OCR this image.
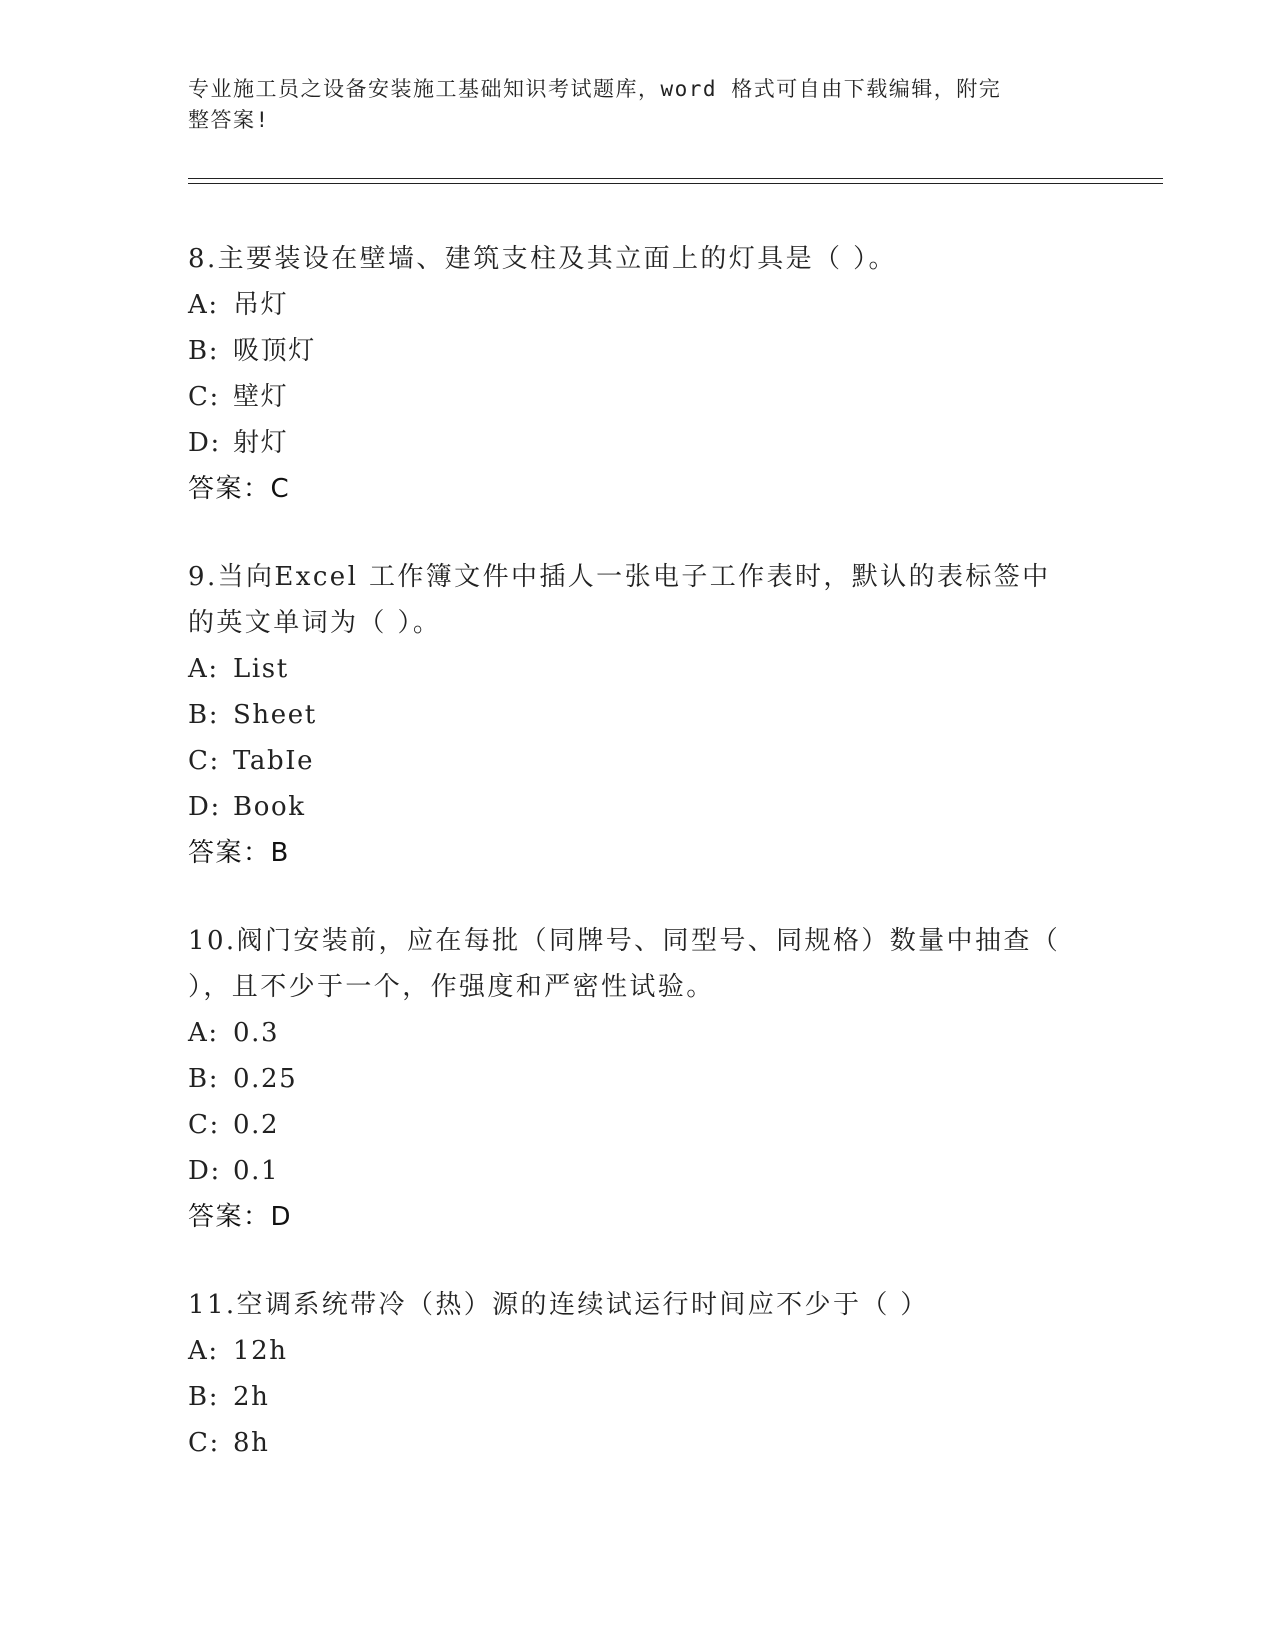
专业施工员之设备安装施工基础知识考试题库，word 格式可自由下载编辑，附完
整答案!
8.主要装设在壁墙、建筑支柱及其立面上的灯具是（ ）。
A: 吊灯
B: 吸顶灯
C: 壁灯
D: 射灯
答案：C
9.当向Excel 工作簿文件中插人一张电子工作表时，默认的表标签中
的英文单词为（ ）。
A: List
B: Sheet
C: TabIe
D: Book
答案：B
10.阀门安装前，应在每批（同牌号、同型号、同规格）数量中抽查（
），且不少于一个，作强度和严密性试验。
A: 0.3
B: 0.25
C: 0.2
D: 0.1
答案：D
11.空调系统带冷（热）源的连续试运行时间应不少于（ ）
A: 12h
B: 2h
C: 8h
